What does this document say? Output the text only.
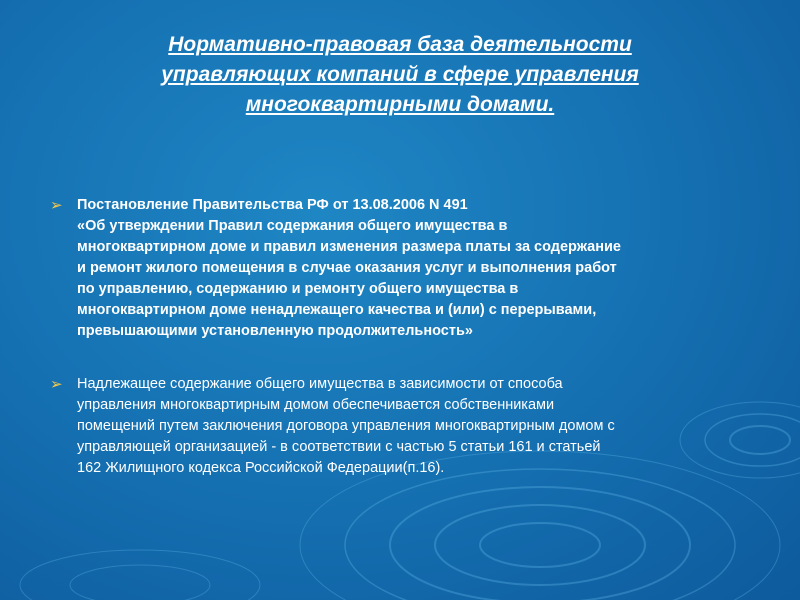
Нормативно-правовая база деятельности
управляющих компаний в сфере управления
многоквартирными домами.
➢ Постановление Правительства РФ от 13.08.2006 N 491
«Об утверждении Правил содержания общего имущества в
многоквартирном доме и правил изменения размера платы за содержание
и ремонт жилого помещения в случае оказания услуг и выполнения работ
по управлению, содержанию и ремонту общего имущества в
многоквартирном доме ненадлежащего качества и (или) с перерывами,
превышающими установленную продолжительность»
➢ Надлежащее содержание общего имущества в зависимости от способа
управления многоквартирным домом обеспечивается собственниками
помещений путем заключения договора управления многоквартирным домом с
управляющей организацией - в соответствии с частью 5 статьи 161 и статьей
162 Жилищного кодекса Российской Федерации(п.16).
